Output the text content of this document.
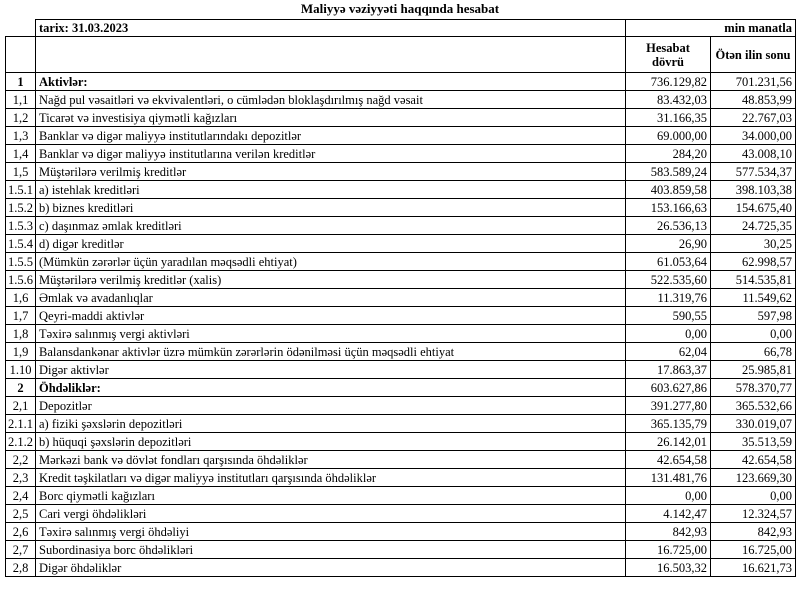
Maliyyə vəziyyəti haqqında hesabat
	tarix: 31.03.2023	min manatla	
		Hesabat dövrü	Ötən ilin sonu
1	Aktivlər:	736.129,82	701.231,56
1,1	Nağd pul vəsaitləri və ekvivalentləri, o cümlədən bloklaşdırılmış nağd vəsait	83.432,03	48.853,99
1,2	Ticarət və investisiya qiymətli kağızları	31.166,35	22.767,03
1,3	Banklar və digər maliyyə institutlarındakı depozitlər	69.000,00	34.000,00
1,4	Banklar və digər maliyyə institutlarına verilən kreditlər	284,20	43.008,10
1,5	Müştərilərə verilmiş kreditlər	583.589,24	577.534,37
1.5.1	a) istehlak kreditləri	403.859,58	398.103,38
1.5.2	b) biznes kreditləri	153.166,63	154.675,40
1.5.3	c) daşınmaz əmlak kreditləri	26.536,13	24.725,35
1.5.4	d) digər kreditlər	26,90	30,25
1.5.5	(Mümkün zərərlər üçün yaradılan məqsədli ehtiyat)	61.053,64	62.998,57
1.5.6	Müştərilərə verilmiş kreditlər (xalis)	522.535,60	514.535,81
1,6	Əmlak və avadanlıqlar	11.319,76	11.549,62
1,7	Qeyri-maddi aktivlər	590,55	597,98
1,8	Təxirə salınmış vergi aktivləri	0,00	0,00
1,9	Balansdankənar aktivlər üzrə mümkün zərərlərin ödənilməsi üçün məqsədli ehtiyat	62,04	66,78
1.10	Digər aktivlər	17.863,37	25.985,81
2	Öhdəliklər:	603.627,86	578.370,77
2,1	Depozitlər	391.277,80	365.532,66
2.1.1	a) fiziki şəxslərin depozitləri	365.135,79	330.019,07
2.1.2	b) hüquqi şəxslərin depozitləri	26.142,01	35.513,59
2,2	Mərkəzi bank və dövlət fondları qarşısında öhdəliklər	42.654,58	42.654,58
2,3	Kredit təşkilatları və digər maliyyə institutları qarşısında öhdəliklər	131.481,76	123.669,30
2,4	Borc qiymətli kağızları	0,00	0,00
2,5	Cari vergi öhdəlikləri	4.142,47	12.324,57
2,6	Təxirə salınmış vergi öhdəliyi	842,93	842,93
2,7	Subordinasiya borc öhdəlikləri	16.725,00	16.725,00
2,8	Digər öhdəliklər	16.503,32	16.621,73
